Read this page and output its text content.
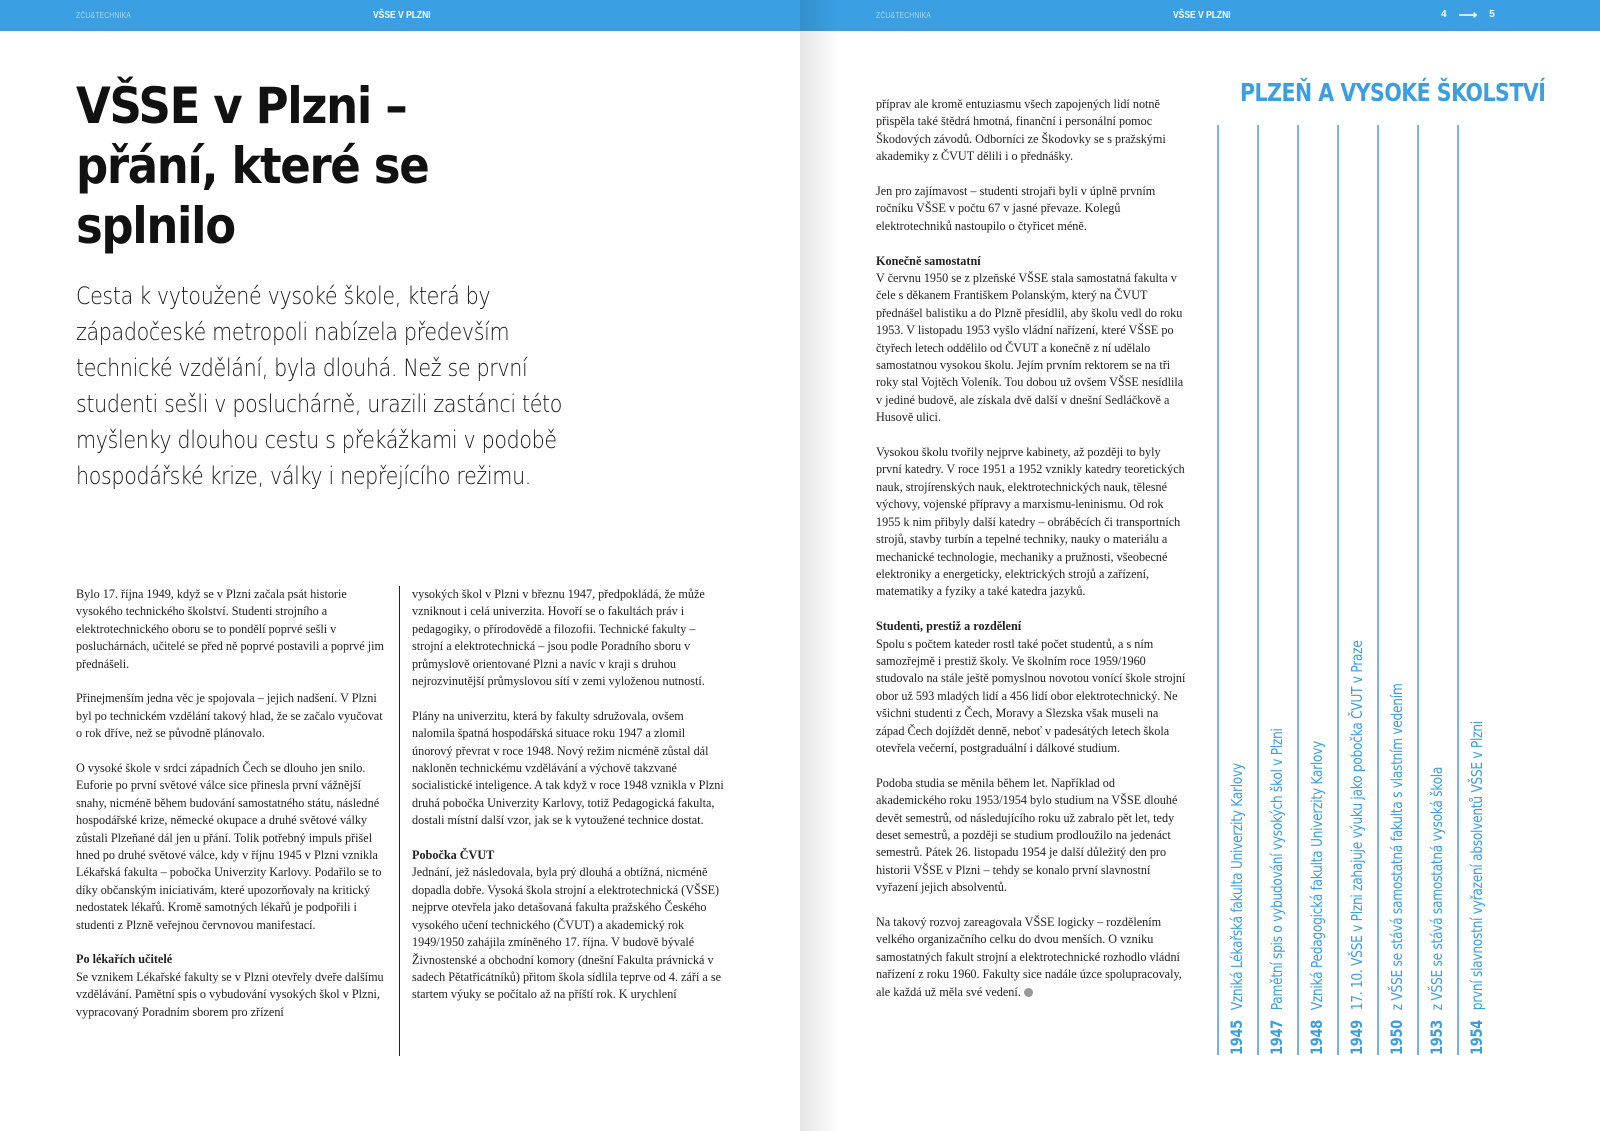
ZČU&TECHNIKA	VŠSE V PLZNI
VŠSE v Plzni –
přání, které se splnilo

Cesta k vytoužené vysoké škole, která by západočeské metropoli nabízela především technické vzdělání, byla dlouhá. Než se první studenti sešli v posluchárně, urazili zastánci této myšlenky dlouhou cestu s překážkami v podobě hospodářské krize, války i nepřejícího režimu.

Bylo 17. října 1949, když se v Plzni začala psát historie vysokého technického školství. Studenti strojního a elektrotechnického oboru se to pondělí poprvé sešli v posluchárnách, učitelé se před ně poprvé postavili a poprvé jim přednášeli.

Přinejmenším jedna věc je spojovala – jejich nadšení. V Plzni byl po technickém vzdělání takový hlad, že se začalo vyučovat o rok dříve, než se původně plánovalo.

O vysoké škole v srdci západních Čech se dlouho jen snilo. Euforie po první světové válce sice přinesla první vážnější snahy, nicméně během budování samostatného státu, následné hospodářské krize, německé okupace a druhé světové války zůstali Plzeňané dál jen u přání. Tolik potřebný impuls přišel hned po druhé světové válce, kdy v říjnu 1945 v Plzni vznikla Lékařská fakulta – pobočka Univerzity Karlovy. Podařilo se to díky občanským iniciativám, které upozorňovaly na kritický nedostatek lékařů. Kromě samotných lékařů je podpořili i studenti z Plzně veřejnou červnovou manifestací.

Po lékařích učitelé

Se vznikem Lékařské fakulty se v Plzni otevřely dveře dalšímu vzdělávání. Pamětní spis o vybudování vysokých škol v Plzni, vypracovaný Poradním sborem pro zřízení

vysokých škol v Plzni v březnu 1947, předpokládá, že může vzniknout i celá univerzita. Hovoří se o fakultách práv i pedagogiky, o přírodovědě a filozofii. Technické fakulty – strojní a elektrotechnická – jsou podle Poradního sboru v průmyslově orientované Plzni a navíc v kraji s druhou nejrozvinutější průmyslovou sítí v zemi vyloženou nutností.

Plány na univerzitu, která by fakulty sdružovala, ovšem nalomila špatná hospodářská situace roku 1947 a zlomil únorový převrat v roce 1948. Nový režim nicméně zůstal dál nakloněn technickému vzdělávání a výchově takzvané socialistické inteligence. A tak když v roce 1948 vznikla v Plzni druhá pobočka Univerzity Karlovy, totiž Pedagogická fakulta, dostali místní další vzor, jak se k vytoužené technice dostat.

Pobočka ČVUT

Jednání, jež následovala, byla prý dlouhá a obtížná, nicméně dopadla dobře. Vysoká škola strojní a elektrotechnická (VŠSE) nejprve otevřela jako detašovaná fakulta pražského Českého vysokého učení technického (ČVUT) a akademický rok 1949/1950 zahájila zmíněného 17. října. V budově bývalé Živnostenské a obchodní komory (dnešní Fakulta právnická v sadech Pětatřicátníků) přitom škola sídlila teprve od 4. září a se startem výuky se počítalo až na příští rok. K urychlení

ZČU&TECHNIKA	VŠSE V PLZNI	4 ⟶ 5

příprav ale kromě entuziasmu všech zapojených lidí notně přispěla také štědrá hmotná, finanční i personální pomoc Škodových závodů. Odborníci ze Škodovky se s pražskými akademiky z ČVUT dělili i o přednášky.

Jen pro zajímavost – studenti strojaři byli v úplně prvním ročníku VŠSE v počtu 67 v jasné převaze. Kolegů elektrotechniků nastoupilo o čtyřicet méně.

Konečně samostatní

V červnu 1950 se z plzeňské VŠSE stala samostatná fakulta v čele s děkanem Františkem Polanským, který na ČVUT přednášel balistiku a do Plzně přesídlil, aby školu vedl do roku 1953. V listopadu 1953 vyšlo vládní nařízení, které VŠSE po čtyřech letech oddělilo od ČVUT a konečně z ní udělalo samostatnou vysokou školu. Jejím prvním rektorem se na tři roky stal Vojtěch Voleník. Tou dobou už ovšem VŠSE nesídlila v jediné budově, ale získala dvě další v dnešní Sedláčkově a Husově ulici.

Vysokou školu tvořily nejprve kabinety, až později to byly první katedry. V roce 1951 a 1952 vznikly katedry teoretických nauk, strojírenských nauk, elektrotechnických nauk, tělesné výchovy, vojenské přípravy a marxismu-leninismu. Od rok 1955 k nim přibyly další katedry – obráběcích či transportních strojů, stavby turbín a tepelné techniky, nauky o materiálu a mechanické technologie, mechaniky a pružnosti, všeobecné elektroniky a energeticky, elektrických strojů a zařízení, matematiky a fyziky a také katedra jazyků.

Studenti, prestiž a rozdělení

Spolu s počtem kateder rostl také počet studentů, a s ním samozřejmě i prestiž školy. Ve školním roce 1959/1960 studovalo na stále ještě pomyslnou novotou vonící škole strojní obor už 593 mladých lidí a 456 lidí obor elektrotechnický. Ne všichni studenti z Čech, Moravy a Slezska však museli na západ Čech dojíždět denně, neboť v padesátých letech škola otevřela večerní, postgraduální i dálkové studium.

Podoba studia se měnila během let. Například od akademického roku 1953/1954 bylo studium na VŠSE dlouhé devět semestrů, od následujícího roku už zabralo pět let, tedy deset semestrů, a později se studium prodloužilo na jedenáct semestrů. Pátek 26. listopadu 1954 je další důležitý den pro historii VŠSE v Plzni – tehdy se konalo první slavnostní vyřazení jejich absolventů.

Na takový rozvoj zareagovala VŠSE logicky – rozdělením velkého organizačního celku do dvou menších. O vzniku samostatných fakult strojní a elektrotechnické rozhodlo vládní nařízení z roku 1960. Fakulty sice nadále úzce spolupracovaly, ale každá už měla své vedení.

PLZEŇ A VYSOKÉ ŠKOLSTVÍ
1945Vzniká Lékařská fakulta Univerzity Karlovy
1947Pamětní spis o vybudování vysokých škol v Plzni
1948Vzniká Pedagogická fakulta Univerzity Karlovy
194917. 10. VŠSE v Plzni zahajuje výuku jako pobočka ČVUT v Praze
1950z VŠSE se stává samostatná fakulta s vlastním vedením
1953z VŠSE se stává samostatná vysoká škola
1954první slavnostní vyřazení absolventů VŠSE v Plzni
